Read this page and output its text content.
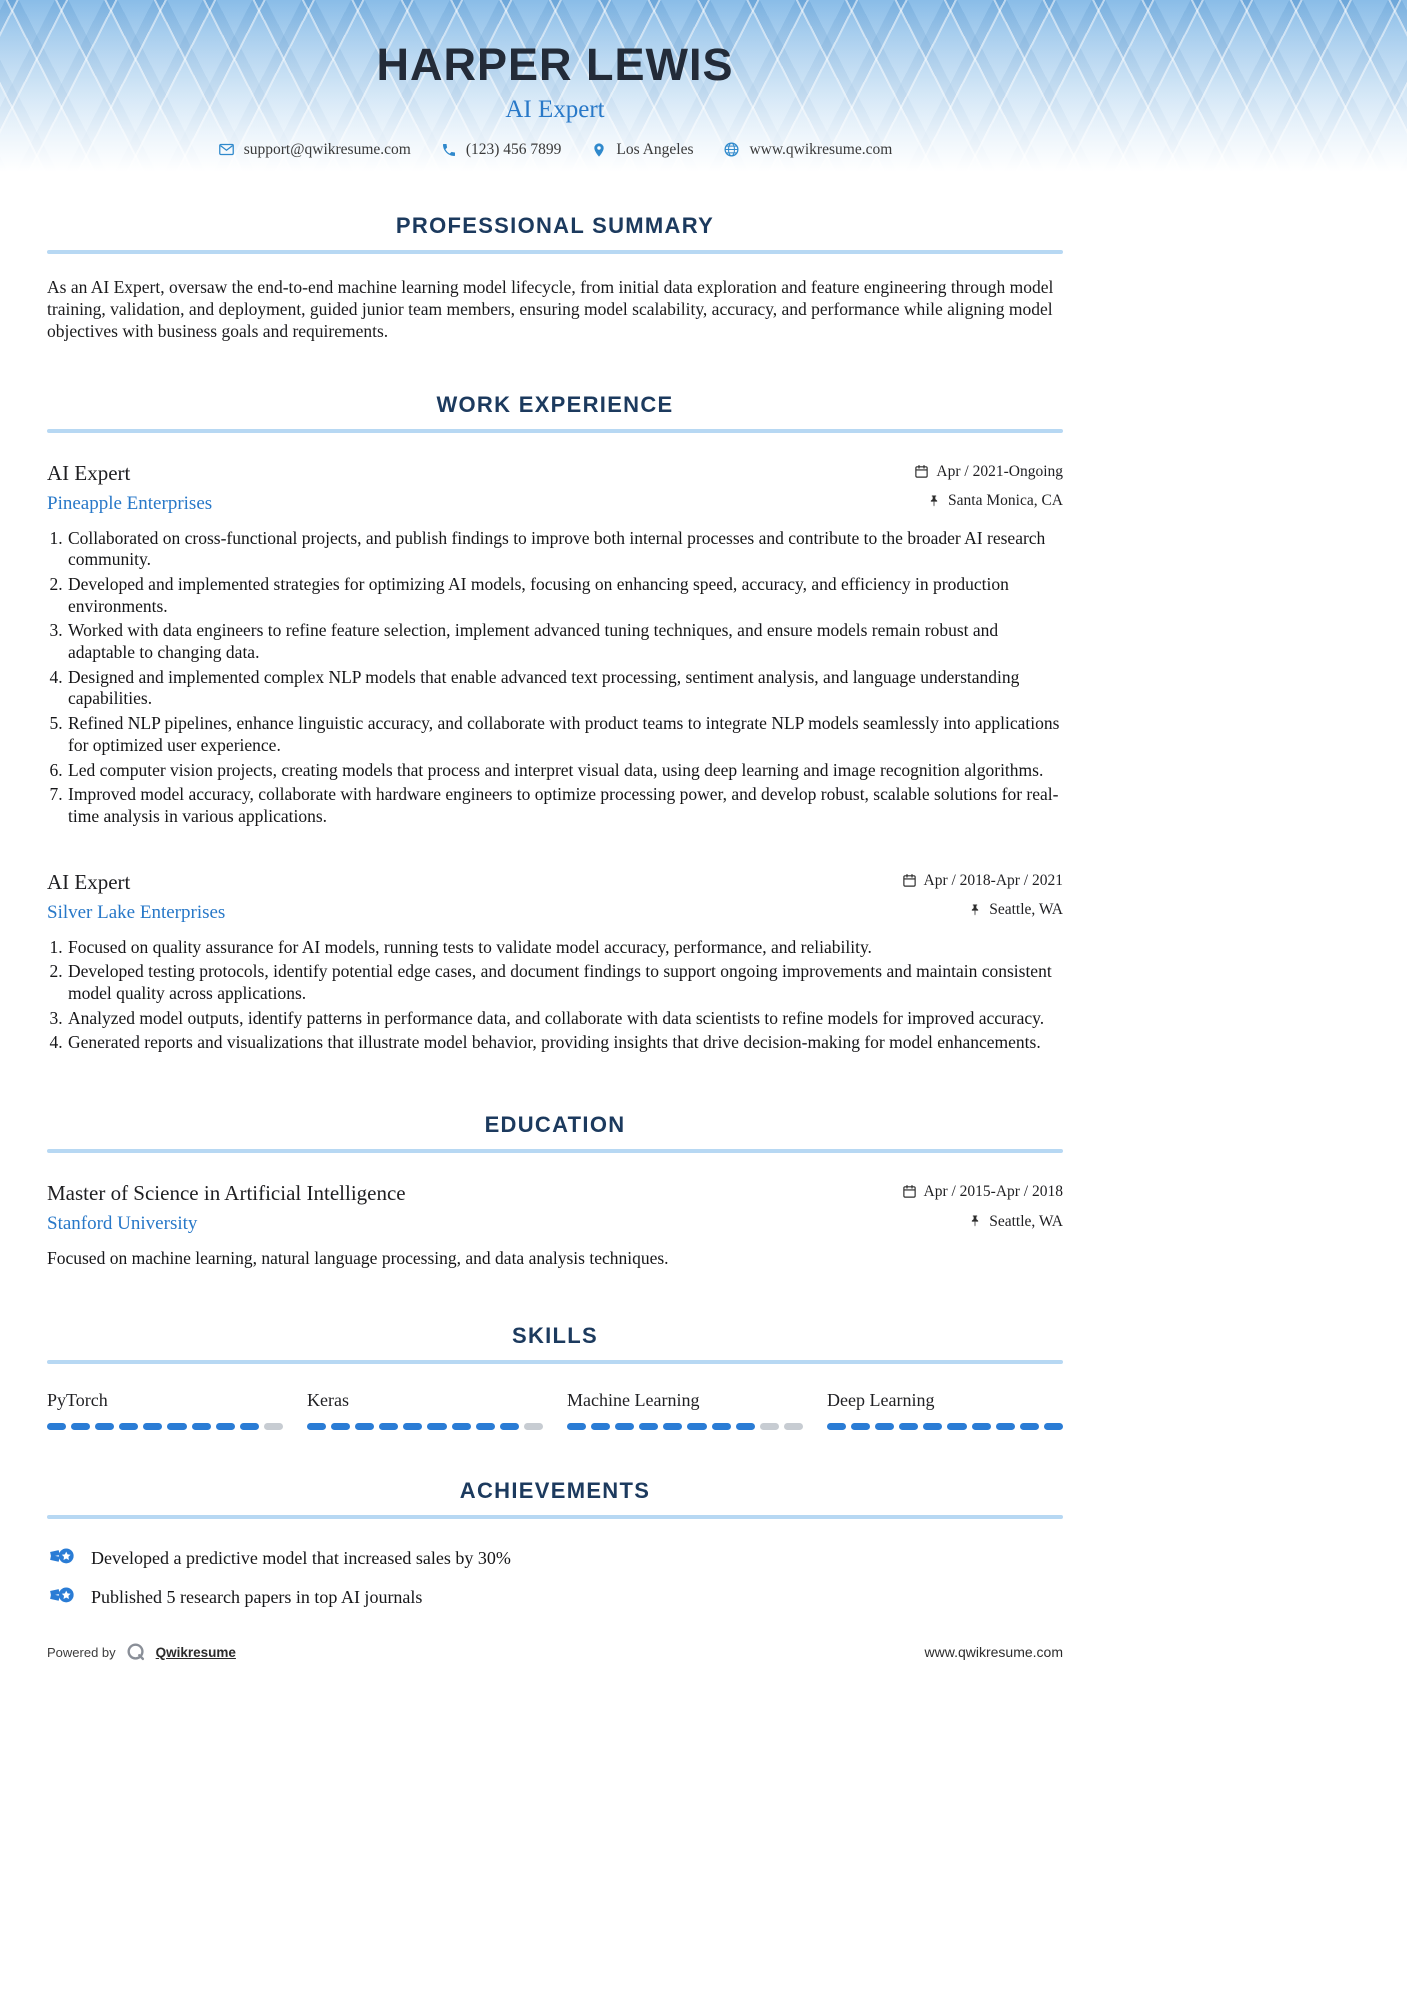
HARPER LEWIS
AI Expert
support@qwikresume.com	(123) 456 7899	Los Angeles	www.qwikresume.com
PROFESSIONAL SUMMARY

As an AI Expert, oversaw the end-to-end machine learning model lifecycle, from initial data exploration and feature engineering through model training, validation, and deployment, guided junior team members, ensuring model scalability, accuracy, and performance while aligning model objectives with business goals and requirements.

WORK EXPERIENCE
AI Expert
Pineapple Enterprises
Apr / 2021-Ongoing
Santa Monica, CA
1. Collaborated on cross-functional projects, and publish findings to improve both internal processes and contribute to the broader AI research community.
2. Developed and implemented strategies for optimizing AI models, focusing on enhancing speed, accuracy, and efficiency in production environments.
3. Worked with data engineers to refine feature selection, implement advanced tuning techniques, and ensure models remain robust and adaptable to changing data.
4. Designed and implemented complex NLP models that enable advanced text processing, sentiment analysis, and language understanding capabilities.
5. Refined NLP pipelines, enhance linguistic accuracy, and collaborate with product teams to integrate NLP models seamlessly into applications for optimized user experience.
6. Led computer vision projects, creating models that process and interpret visual data, using deep learning and image recognition algorithms.
7. Improved model accuracy, collaborate with hardware engineers to optimize processing power, and develop robust, scalable solutions for real-time analysis in various applications.
AI Expert
Silver Lake Enterprises
Apr / 2018-Apr / 2021
Seattle, WA
1. Focused on quality assurance for AI models, running tests to validate model accuracy, performance, and reliability.
2. Developed testing protocols, identify potential edge cases, and document findings to support ongoing improvements and maintain consistent model quality across applications.
3. Analyzed model outputs, identify patterns in performance data, and collaborate with data scientists to refine models for improved accuracy.
4. Generated reports and visualizations that illustrate model behavior, providing insights that drive decision-making for model enhancements.
EDUCATION
Master of Science in Artificial Intelligence
Stanford University
Apr / 2015-Apr / 2018
Seattle, WA

Focused on machine learning, natural language processing, and data analysis techniques.

SKILLS
PyTorch	Keras	Machine Learning	Deep Learning
ACHIEVEMENTS
Developed a predictive model that increased sales by 30%
Published 5 research papers in top AI journals
Powered by	Qwikresume	www.qwikresume.com
